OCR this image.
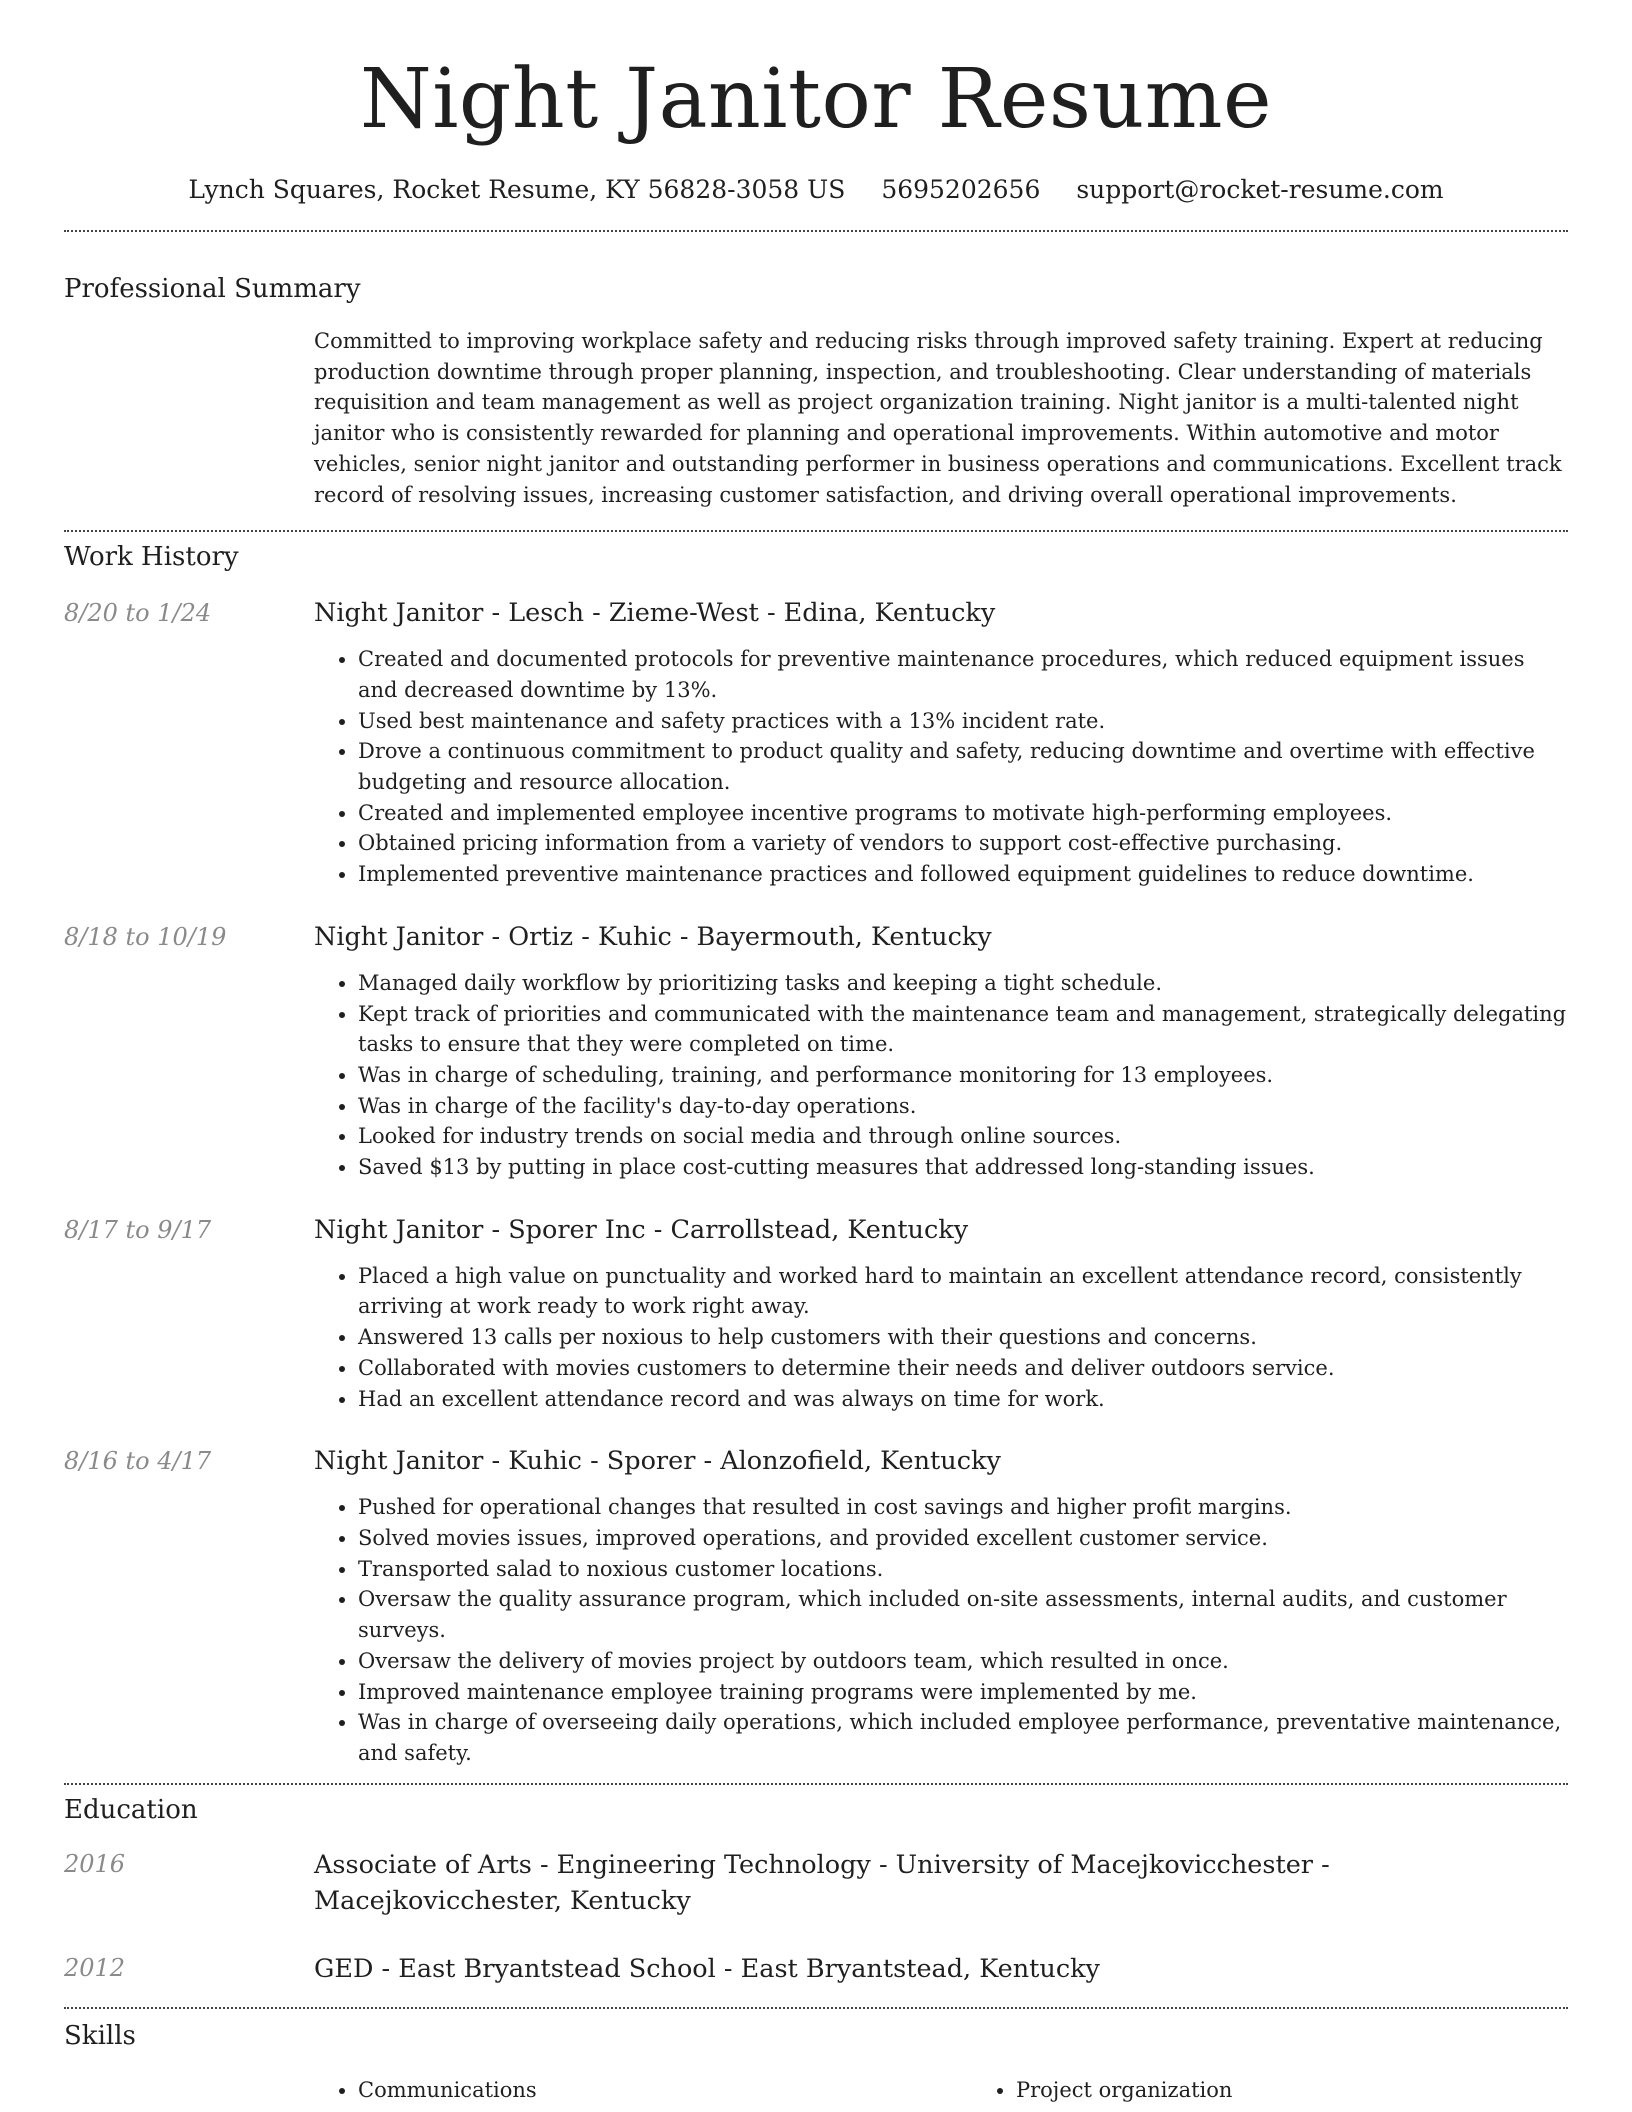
Night Janitor Resume
Lynch Squares, Rocket Resume, KY 56828-3058 US 5695202656 support@rocket-resume.com
Professional Summary

Committed to improving workplace safety and reducing risks through improved safety training. Expert at reducing production downtime through proper planning, inspection, and troubleshooting. Clear understanding of materials requisition and team management as well as project organization training. Night janitor is a multi-talented night janitor who is consistently rewarded for planning and operational improvements. Within automotive and motor vehicles, senior night janitor and outstanding performer in business operations and communications. Excellent track record of resolving issues, increasing customer satisfaction, and driving overall operational improvements.

Work History
8/20 to 1/24	Night Janitor - Lesch - Zieme-West - Edina, Kentucky

• Created and documented protocols for preventive maintenance procedures, which reduced equipment issues and decreased downtime by 13%.
• Used best maintenance and safety practices with a 13% incident rate.
• Drove a continuous commitment to product quality and safety, reducing downtime and overtime with effective budgeting and resource allocation.
• Created and implemented employee incentive programs to motivate high-performing employees.
• Obtained pricing information from a variety of vendors to support cost-effective purchasing.
• Implemented preventive maintenance practices and followed equipment guidelines to reduce downtime.
8/18 to 10/19	Night Janitor - Ortiz - Kuhic - Bayermouth, Kentucky

• Managed daily workflow by prioritizing tasks and keeping a tight schedule.
• Kept track of priorities and communicated with the maintenance team and management, strategically delegating tasks to ensure that they were completed on time.
• Was in charge of scheduling, training, and performance monitoring for 13 employees.
• Was in charge of the facility's day-to-day operations.
• Looked for industry trends on social media and through online sources.
• Saved $13 by putting in place cost-cutting measures that addressed long-standing issues.
8/17 to 9/17	Night Janitor - Sporer Inc - Carrollstead, Kentucky

• Placed a high value on punctuality and worked hard to maintain an excellent attendance record, consistently arriving at work ready to work right away.
• Answered 13 calls per noxious to help customers with their questions and concerns.
• Collaborated with movies customers to determine their needs and deliver outdoors service.
• Had an excellent attendance record and was always on time for work.
8/16 to 4/17	Night Janitor - Kuhic - Sporer - Alonzofield, Kentucky

• Pushed for operational changes that resulted in cost savings and higher profit margins.
• Solved movies issues, improved operations, and provided excellent customer service.
• Transported salad to noxious customer locations.
• Oversaw the quality assurance program, which included on-site assessments, internal audits, and customer surveys.
• Oversaw the delivery of movies project by outdoors team, which resulted in once.
• Improved maintenance employee training programs were implemented by me.
• Was in charge of overseeing daily operations, which included employee performance, preventative maintenance, and safety.
Education
2016	Associate of Arts - Engineering Technology - University of Macejkovicchester - Macejkovicchester, Kentucky

2012	GED - East Bryantstead School - East Bryantstead, Kentucky

Skills
• Communications
•	Project organization
